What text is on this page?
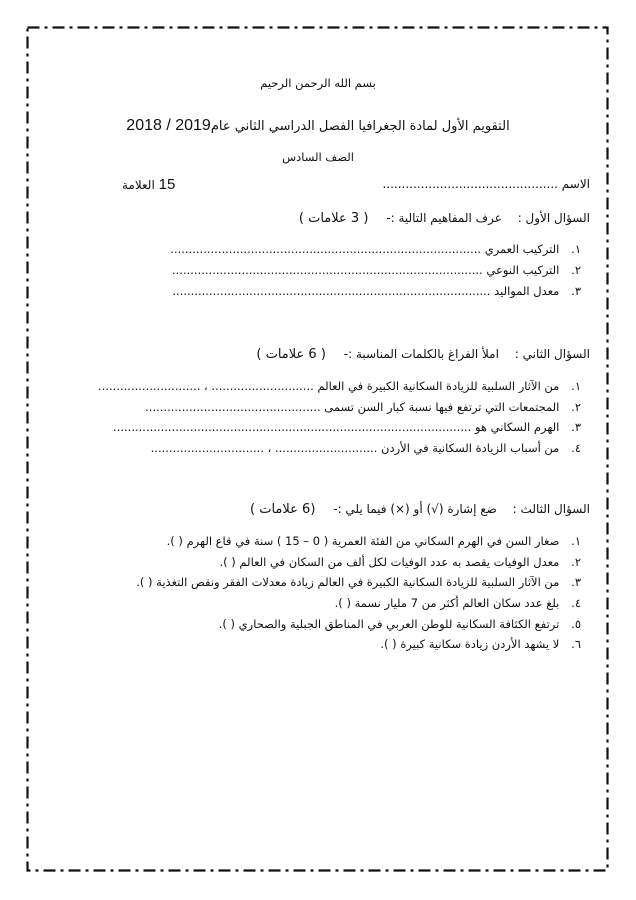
بسم الله الرحمن الرحيم
التقويم الأول لمادة الجغرافيا الفصل الدراسي الثاني عام2018 / 2019
الصف السادس
الاسم ..............................................
15 العلامة
السؤال الأول : عرف المفاهيم التالية :- ( 3 علامات )
١. التركيب العمري .....................................................................................
٢. التركيب النوعي .....................................................................................
٣. معدل المواليد .......................................................................................
السؤال الثاني : املأ الفراغ بالكلمات المناسبة :- ( 6 علامات )
١. من الآثار السلبية للزيادة السكانية الكبيرة في العالم ............................ ، ............................
٢. المجتمعات التي ترتفع فيها نسبة كبار السن تسمى ................................................
٣. الهرم السكاني هو ..................................................................................................
٤. من أسباب الزيادة السكانية في الأردن ............................ ، ...............................
السؤال الثالث : ضع إشارة (√) أو (×) فيما يلي :- (6 علامات )
١. صغار السن في الهرم السكاني من الفئة العمرية ( 0 – 15 ) سنة في قاع الهرم ( ).
٢. معدل الوفيات يقصد به عدد الوفيات لكل ألف من السكان في العالم ( ).
٣. من الآثار السلبية للزيادة السكانية الكبيرة في العالم زيادة معدلات الفقر ونقص التغذية ( ).
٤. بلغ عدد سكان العالم أكثر من 7 مليار نسمة ( ).
٥. ترتفع الكثافة السكانية للوطن العربي في المناطق الجبلية والصحاري ( ).
٦. لا يشهد الأردن زيادة سكانية كبيرة ( ).
